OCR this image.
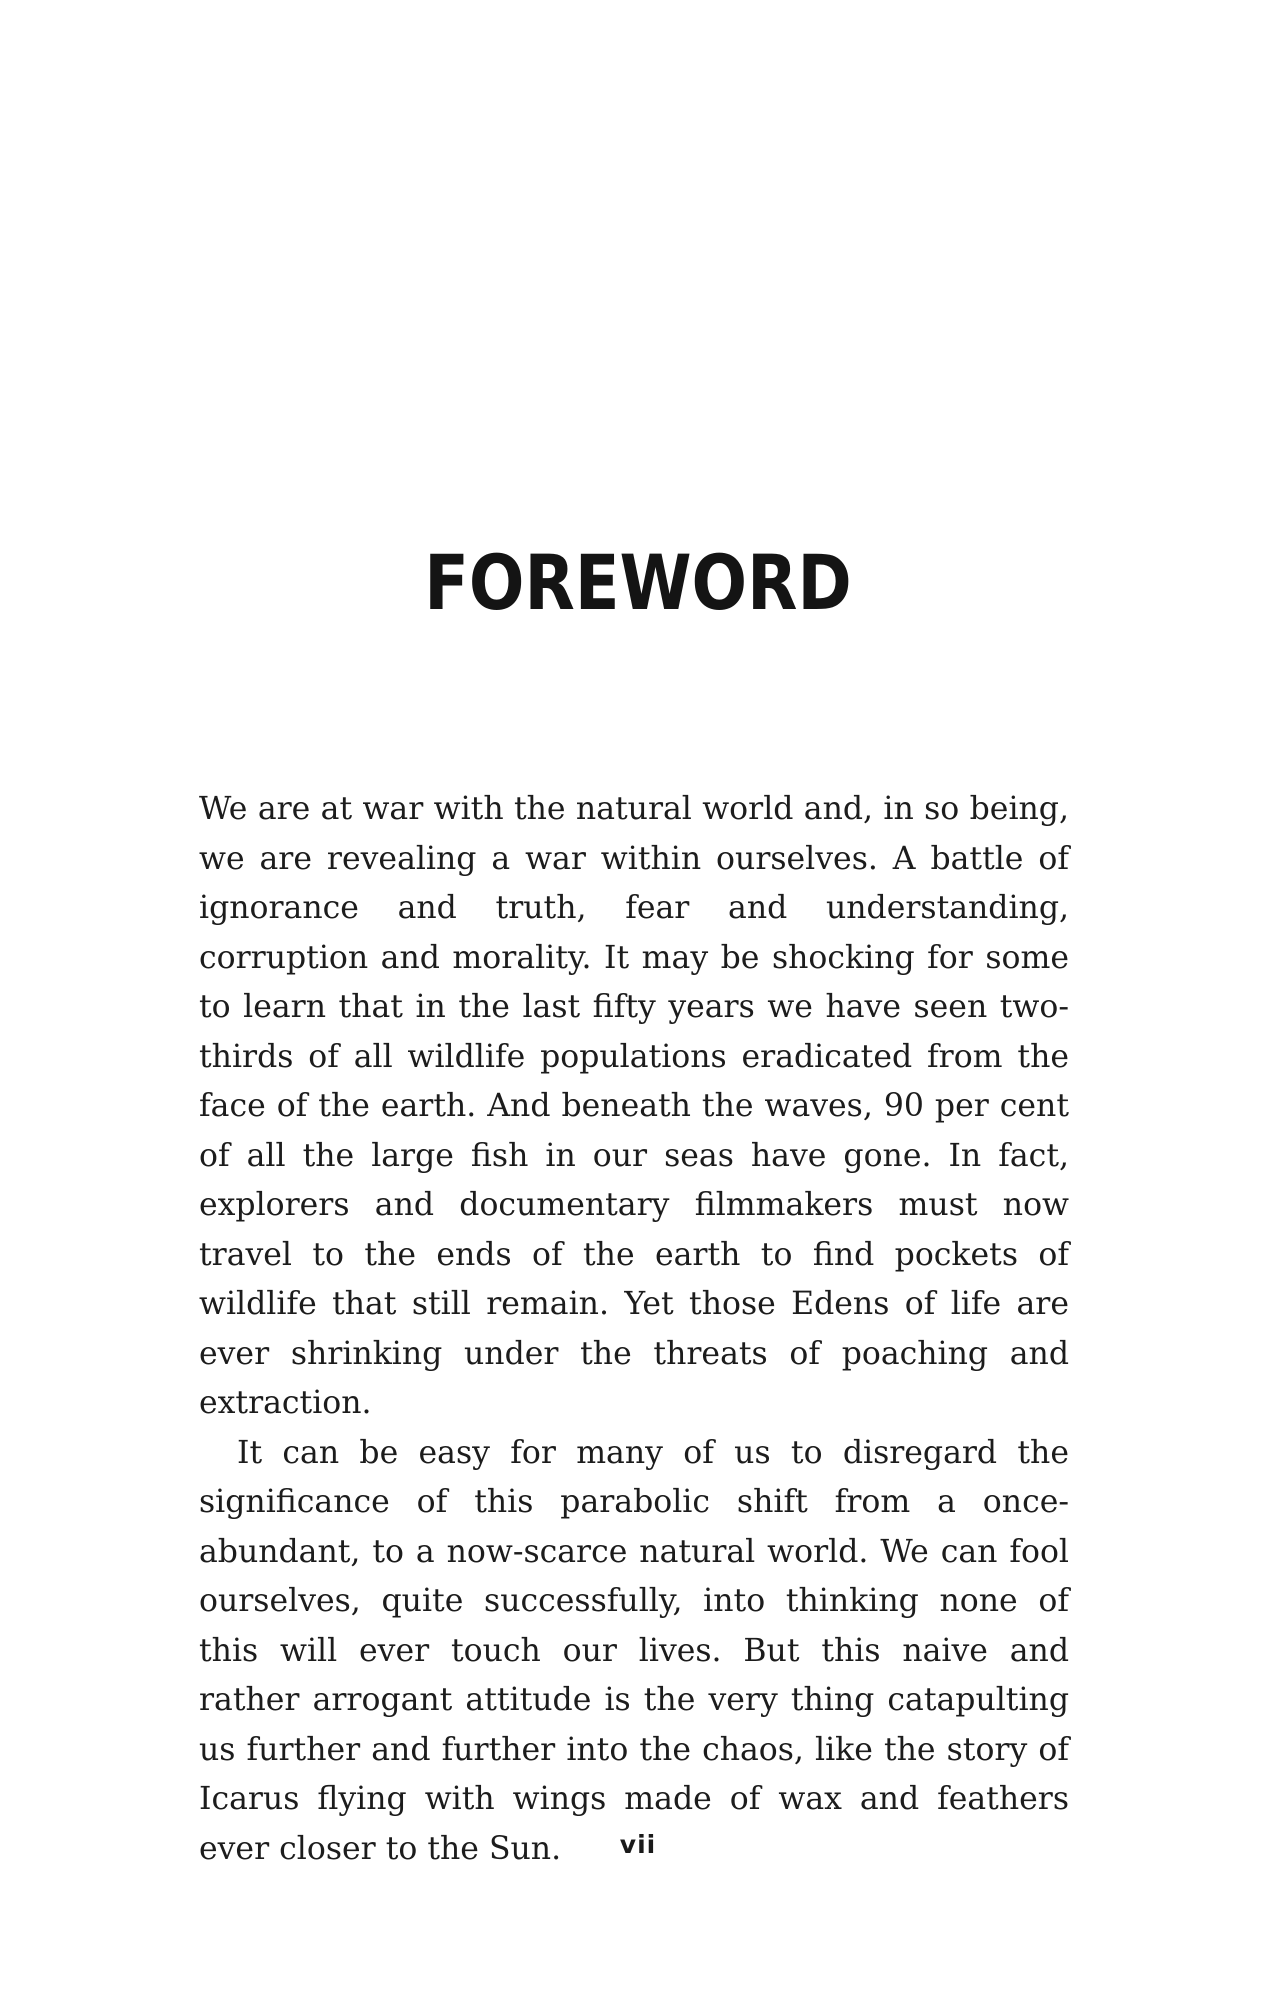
FOREWORD

We are at war with the natural world and, in so being, we are revealing a war within ourselves. A battle of ignorance and truth, fear and understanding, corruption and morality. It may be shocking for some to learn that in the last fifty years we have seen two-thirds of all wildlife populations eradicated from the face of the earth. And beneath the waves, 90 per cent of all the large fish in our seas have gone. In fact, explorers and documentary filmmakers must now travel to the ends of the earth to find pockets of wildlife that still remain. Yet those Edens of life are ever shrinking under the threats of poaching and extraction.

It can be easy for many of us to disregard the significance of this parabolic shift from a once-abundant, to a now-scarce natural world. We can fool ourselves, quite successfully, into thinking none of this will ever touch our lives. But this naive and rather arrogant attitude is the very thing catapulting us further and further into the chaos, like the story of Icarus flying with wings made of wax and feathers ever closer to the Sun.	vii
